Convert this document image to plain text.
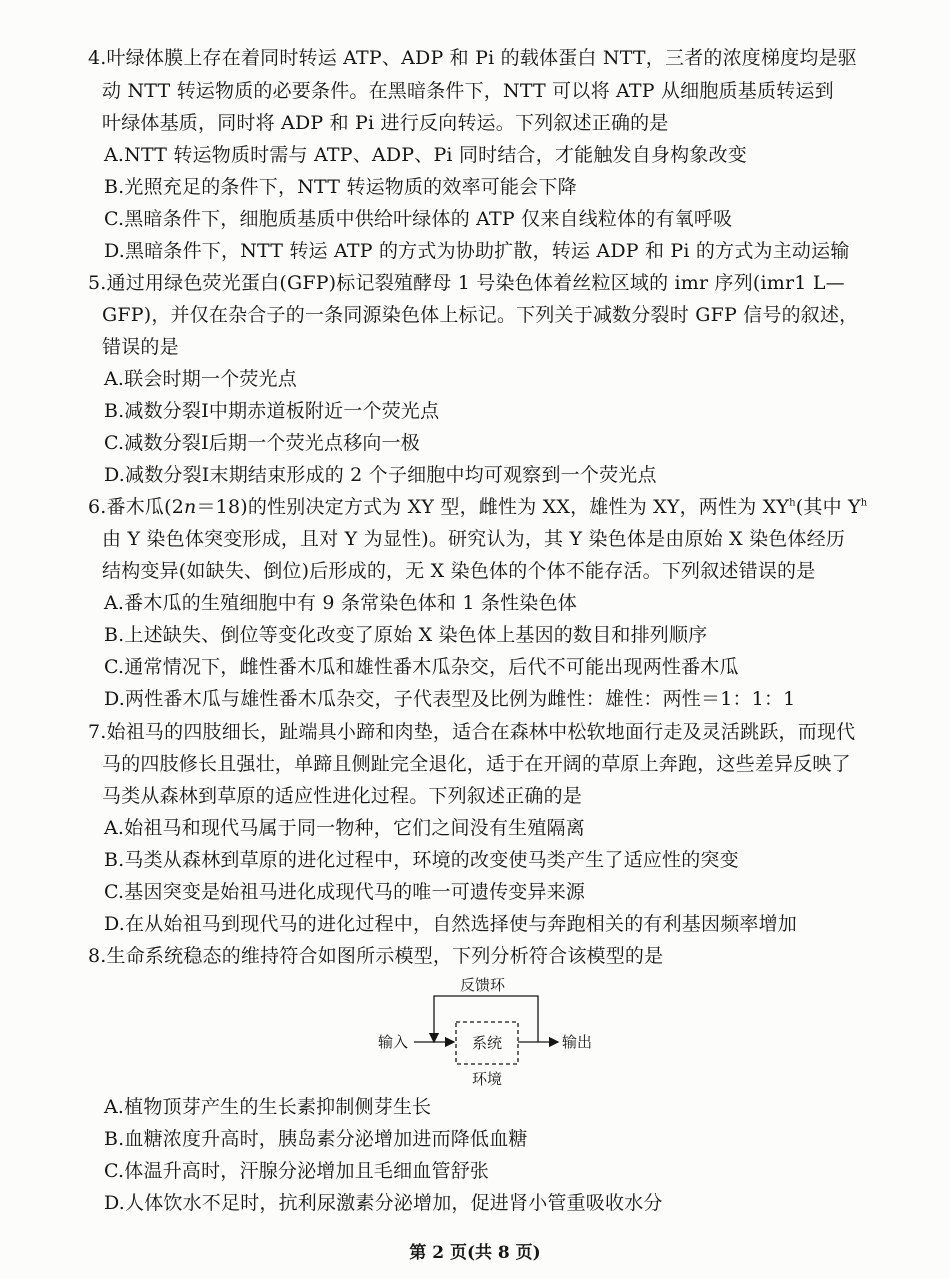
4.叶绿体膜上存在着同时转运 ATP、ADP 和 Pi 的载体蛋白 NTT，三者的浓度梯度均是驱
动 NTT 转运物质的必要条件。在黑暗条件下，NTT 可以将 ATP 从细胞质基质转运到
叶绿体基质，同时将 ADP 和 Pi 进行反向转运。下列叙述正确的是
A.NTT 转运物质时需与 ATP、ADP、Pi 同时结合，才能触发自身构象改变
B.光照充足的条件下，NTT 转运物质的效率可能会下降
C.黑暗条件下，细胞质基质中供给叶绿体的 ATP 仅来自线粒体的有氧呼吸
D.黑暗条件下，NTT 转运 ATP 的方式为协助扩散，转运 ADP 和 Pi 的方式为主动运输
5.通过用绿色荧光蛋白(GFP)标记裂殖酵母 1 号染色体着丝粒区域的 imr 序列(imr1 L—
GFP)，并仅在杂合子的一条同源染色体上标记。下列关于减数分裂时 GFP 信号的叙述，
错误的是
A.联会时期一个荧光点
B.减数分裂Ⅰ中期赤道板附近一个荧光点
C.减数分裂Ⅰ后期一个荧光点移向一极
D.减数分裂Ⅰ末期结束形成的 2 个子细胞中均可观察到一个荧光点
6.番木瓜(2n＝18)的性别决定方式为 XY 型，雌性为 XX，雄性为 XY，两性为 $XY^h$(其中 $Y^h$
由 Y 染色体突变形成，且对 Y 为显性)。研究认为，其 Y 染色体是由原始 X 染色体经历
结构变异(如缺失、倒位)后形成的，无 X 染色体的个体不能存活。下列叙述错误的是
A.番木瓜的生殖细胞中有 9 条常染色体和 1 条性染色体
B.上述缺失、倒位等变化改变了原始 X 染色体上基因的数目和排列顺序
C.通常情况下，雌性番木瓜和雄性番木瓜杂交，后代不可能出现两性番木瓜
D.两性番木瓜与雄性番木瓜杂交，子代表型及比例为雌性：雄性：两性＝1：1：1
7.始祖马的四肢细长，趾端具小蹄和肉垫，适合在森林中松软地面行走及灵活跳跃，而现代
马的四肢修长且强壮，单蹄且侧趾完全退化，适于在开阔的草原上奔跑，这些差异反映了
马类从森林到草原的适应性进化过程。下列叙述正确的是
A.始祖马和现代马属于同一物种，它们之间没有生殖隔离
B.马类从森林到草原的进化过程中，环境的改变使马类产生了适应性的突变
C.基因突变是始祖马进化成现代马的唯一可遗传变异来源
D.在从始祖马到现代马的进化过程中，自然选择使与奔跑相关的有利基因频率增加
8.生命系统稳态的维持符合如图所示模型，下列分析符合该模型的是
反馈环
输入	系统	输出
环境
A.植物顶芽产生的生长素抑制侧芽生长
B.血糖浓度升高时，胰岛素分泌增加进而降低血糖
C.体温升高时，汗腺分泌增加且毛细血管舒张
D.人体饮水不足时，抗利尿激素分泌增加，促进肾小管重吸收水分
第 2 页(共 8 页)
